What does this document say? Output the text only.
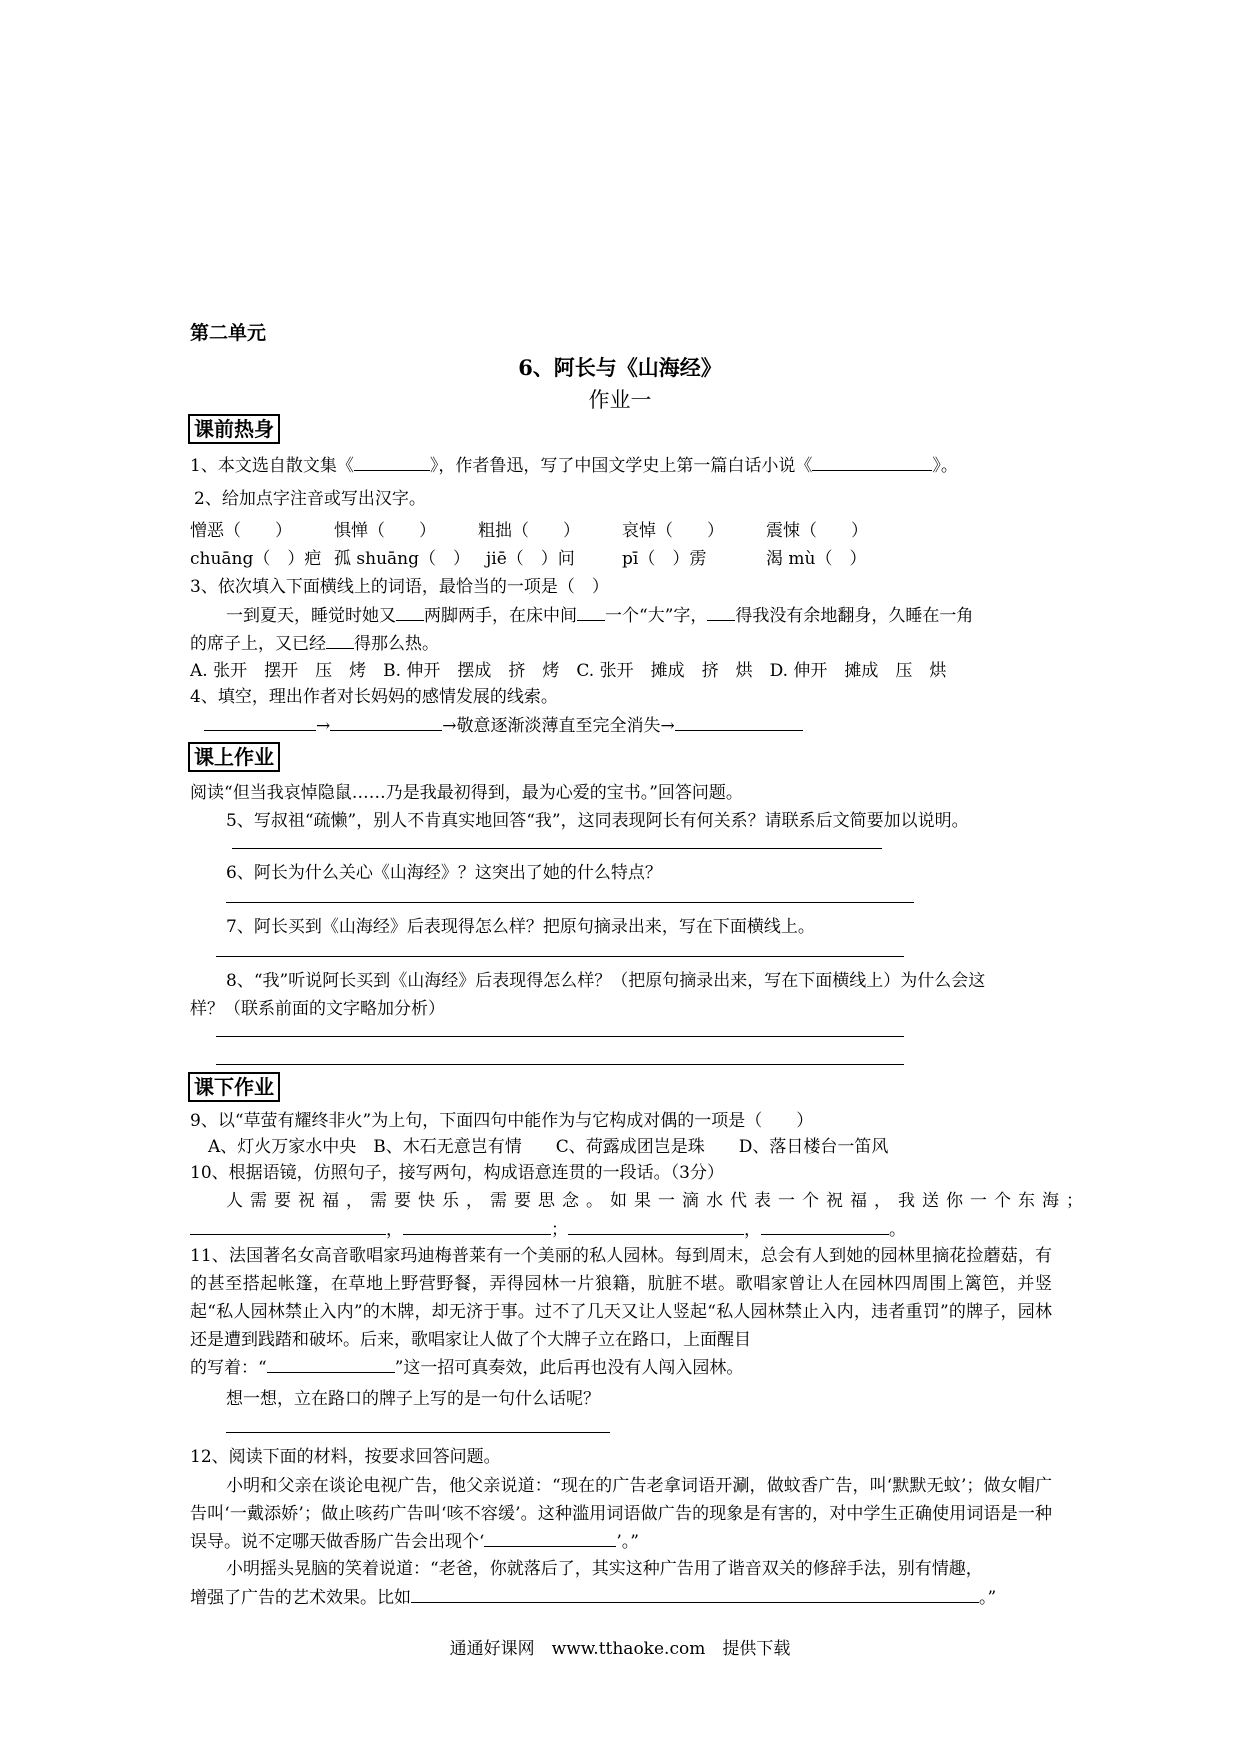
第二单元
6、阿长与《山海经》
作业一
课前热身
1、本文选自散文集《	》，作者鲁迅，写了中国文学史上第一篇白话小说《	》。
2、给加点字注音或写出汉字。
憎恶（　　） 惧惮（　　） 粗拙（　　） 哀悼（　　） 震悚（　　）
chuāng（　）疤 孤 shuāng（　） jiē（　）问	pī（　）雳	渴 mù（　）
3、依次填入下面横线上的词语，最恰当的一项是（　）
一到夏天，睡觉时她又 两脚两手，在床中间 一个“大”字， 得我没有余地翻身，久睡在一角
的席子上，又已经 得那么热。
A. 张开　摆开　压　烤　B. 伸开　摆成　挤　烤　C. 张开　摊成　挤　烘　D. 伸开　摊成　压　烘
4、填空，理出作者对长妈妈的感情发展的线索。
→	→敬意逐渐淡薄直至完全消失→
课上作业
阅读“但当我哀悼隐鼠……乃是我最初得到，最为心爱的宝书。”回答问题。
5、写叔祖“疏懒”，别人不肯真实地回答“我”，这同表现阿长有何关系？请联系后文简要加以说明。
6、阿长为什么关心《山海经》？这突出了她的什么特点？
7、阿长买到《山海经》后表现得怎么样？把原句摘录出来，写在下面横线上。
8、“我”听说阿长买到《山海经》后表现得怎么样？（把原句摘录出来，写在下面横线上）为什么会这
样？（联系前面的文字略加分析）
课下作业
9、以“草萤有耀终非火”为上句，下面四句中能作为与它构成对偶的一项是（　　）
A、灯火万家水中央　B、木石无意岂有情　　C、荷露成团岂是珠　　D、落日楼台一笛风
10、根据语镜，仿照句子，接写两句，构成语意连贯的一段话。（3分）
人需要祝福，需要快乐，需要思念。如果一滴水代表一个祝福，我送你一个东海；
，	；	，	。
11、法国著名女高音歌唱家玛迪梅普莱有一个美丽的私人园林。每到周末，总会有人到她的园林里摘花捡蘑菇，有的甚至搭起帐篷，在草地上野营野餐，弄得园林一片狼籍，肮脏不堪。歌唱家曾让人在园林四周围上篱笆，并竖起“私人园林禁止入内”的木牌，却无济于事。过不了几天又让人竖起“私人园林禁止入内，违者重罚”的牌子，园林还是遭到践踏和破坏。后来，歌唱家让人做了个大牌子立在路口，上面醒目
的写着：“	”这一招可真奏效，此后再也没有人闯入园林。
想一想，立在路口的牌子上写的是一句什么话呢？
12、阅读下面的材料，按要求回答问题。
小明和父亲在谈论电视广告，他父亲说道：“现在的广告老拿词语开涮，做蚊香广告，叫‘默默无蚊’；做女帽广告叫‘一戴添娇’；做止咳药广告叫‘咳不容缓’。这种滥用词语做广告的现象是有害的，对中学生正确使用词语是一种误导。说不定哪天做香肠广告会出现个‘	’。”
小明摇头晃脑的笑着说道：“老爸，你就落后了，其实这种广告用了谐音双关的修辞手法，别有情趣，
增强了广告的艺术效果。比如	。”
通通好课网　www.tthaoke.com　提供下载
